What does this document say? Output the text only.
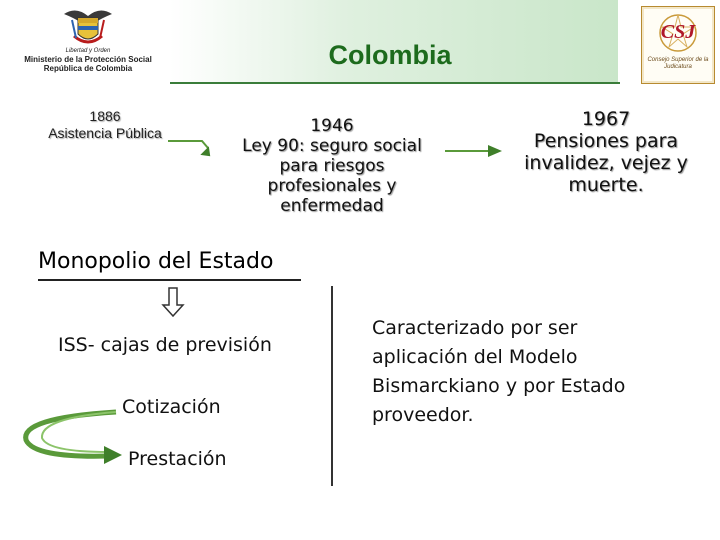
Colombia
Libertad y Orden
Ministerio de la Protección Social
República de Colombia
CSJ
Consejo Superior de la Judicatura
1886
Asistencia Pública	1946
Ley 90: seguro social
para riesgos
profesionales y
enfermedad
1967
Pensiones para
invalidez, vejez y
muerte.
Monopolio del Estado
ISS- cajas de previsión
Cotización
Prestación
Caracterizado por ser
aplicación del Modelo
Bismarckiano y por Estado
proveedor.
